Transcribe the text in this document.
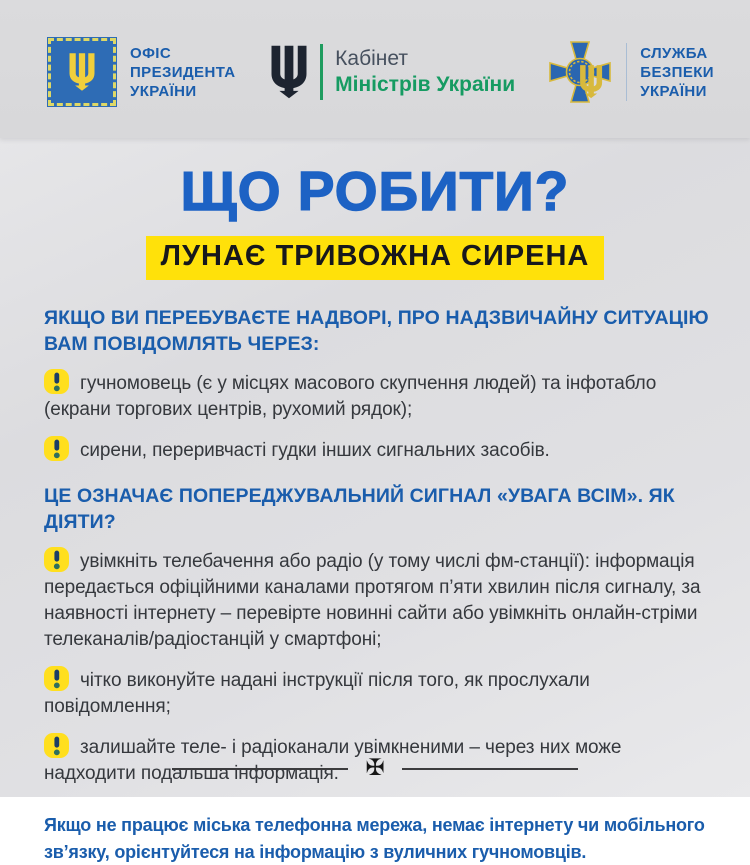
ОФІС
ПРЕЗИДЕНТА
УКРАЇНИ
Кабінет
Міністрів України
СЛУЖБА
БЕЗПЕКИ
УКРАЇНИ
ЩО РОБИТИ?
ЛУНАЄ ТРИВОЖНА СИРЕНА
ЯКЩО ВИ ПЕРЕБУВАЄТЕ НАДВОРІ, ПРО НАДЗВИЧАЙНУ СИТУАЦІЮ ВАМ ПОВІДОМЛЯТЬ ЧЕРЕЗ:

гучномовець (є у місцях масового скупчення людей) та інфотабло (екрани торгових центрів, рухомий рядок);

сирени, переривчасті гудки інших сигнальних засобів.

ЦЕ ОЗНАЧАЄ ПОПЕРЕДЖУВАЛЬНИЙ СИГНАЛ «УВАГА ВСІМ». ЯК ДІЯТИ?

увімкніть телебачення або радіо (у тому числі фм-станції): інформація передається офіційними каналами протягом п’яти хвилин після сигналу, за наявності інтернету – перевірте новинні сайти або увімкніть онлайн-стріми телеканалів/радіостанцій у смартфоні;

чітко виконуйте надані інструкції після того, як прослухали повідомлення;

залишайте теле- і радіоканали увімкненими – через них може надходити подальша інформація.

Якщо не працює міська телефонна мережа, немає інтернету чи мобільного зв’язку, орієнтуйтеся на інформацію з вуличних гучномовців.
✠
